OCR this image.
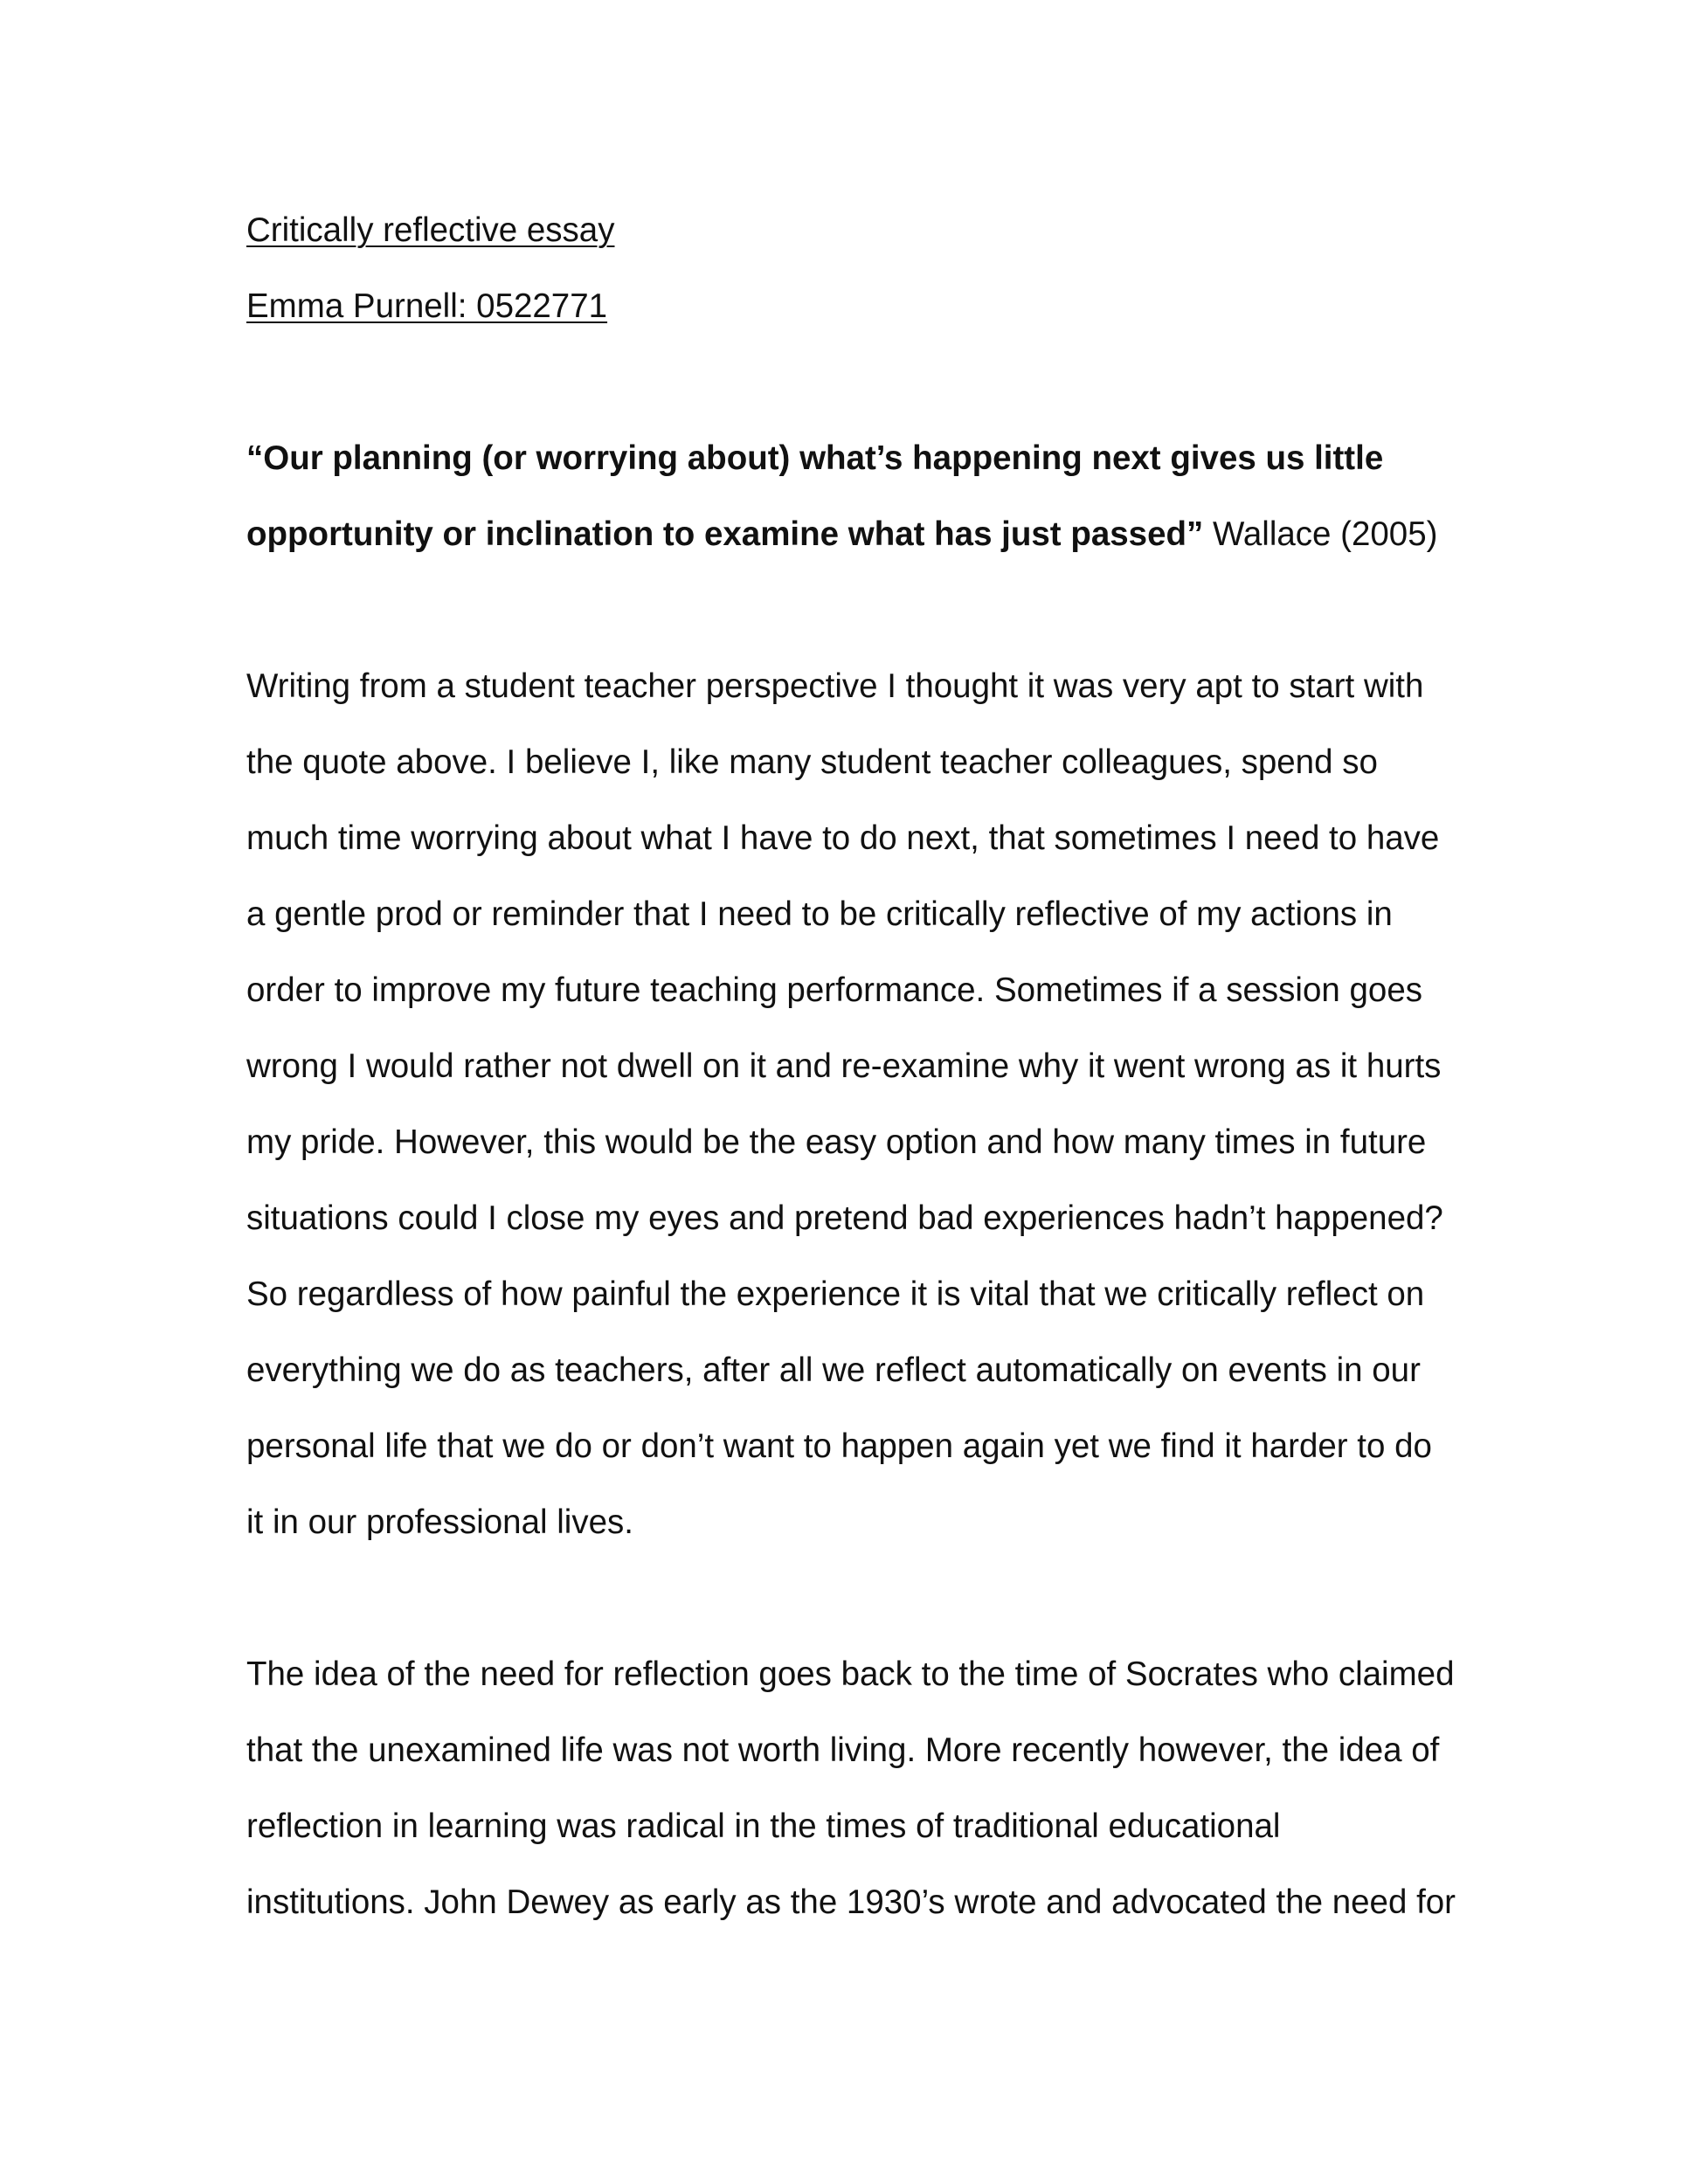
Critically reflective essay
Emma Purnell: 0522771
“Our planning (or worrying about) what’s happening next gives us little
opportunity or inclination to examine what has just passed” Wallace (2005)
Writing from a student teacher perspective I thought it was very apt to start with
the quote above. I believe I, like many student teacher colleagues, spend so
much time worrying about what I have to do next, that sometimes I need to have
a gentle prod or reminder that I need to be critically reflective of my actions in
order to improve my future teaching performance. Sometimes if a session goes
wrong I would rather not dwell on it and re-examine why it went wrong as it hurts
my pride. However, this would be the easy option and how many times in future
situations could I close my eyes and pretend bad experiences hadn’t happened?
So regardless of how painful the experience it is vital that we critically reflect on
everything we do as teachers, after all we reflect automatically on events in our
personal life that we do or don’t want to happen again yet we find it harder to do
it in our professional lives.
The idea of the need for reflection goes back to the time of Socrates who claimed
that the unexamined life was not worth living. More recently however, the idea of
reflection in learning was radical in the times of traditional educational
institutions. John Dewey as early as the 1930’s wrote and advocated the need for
